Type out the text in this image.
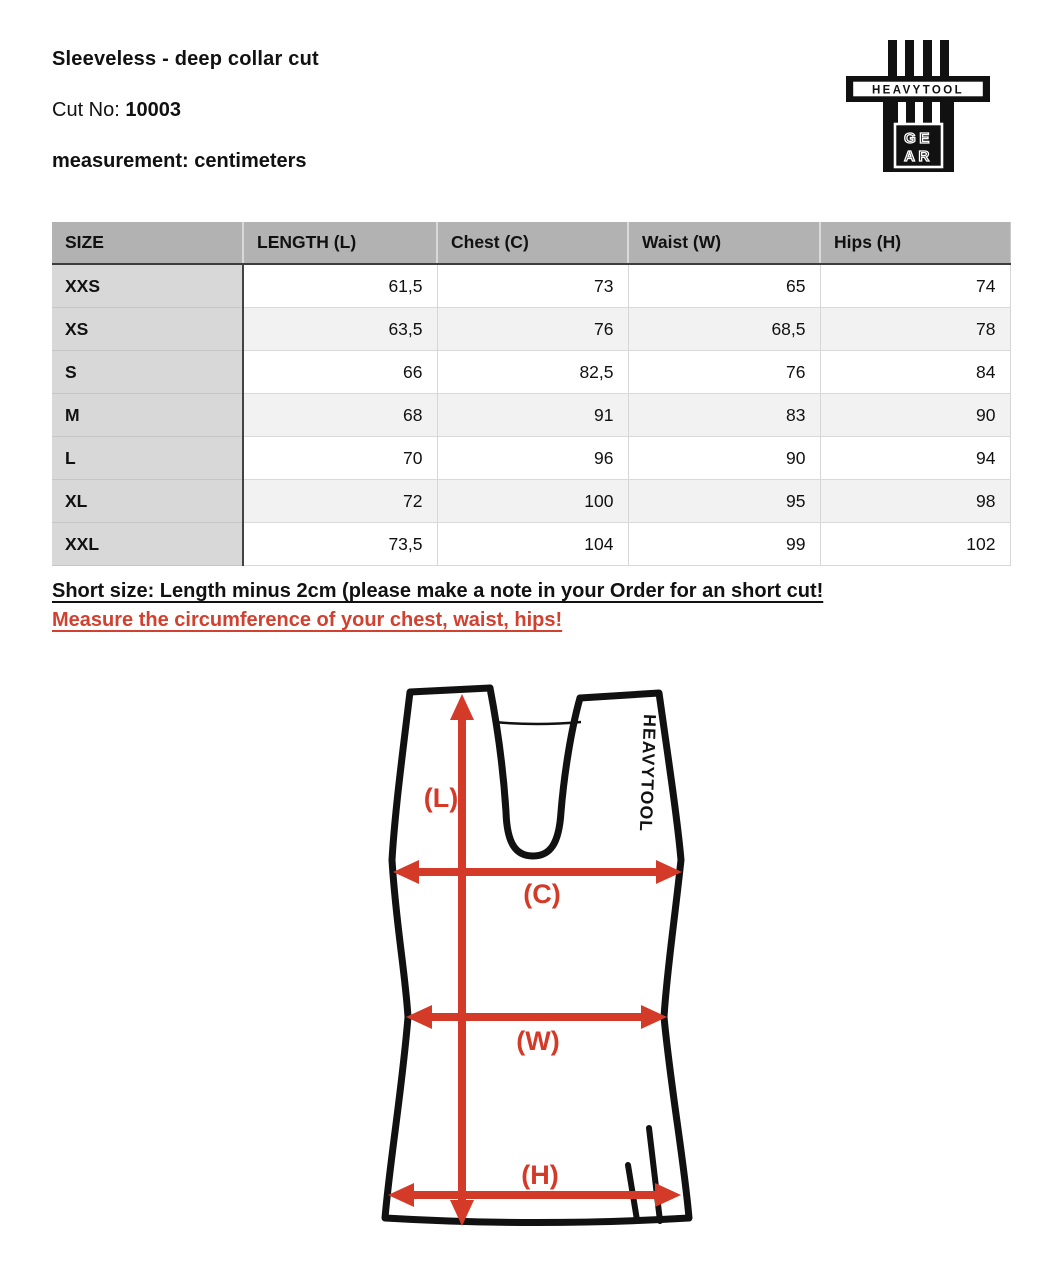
Sleeveless - deep collar cut
Cut No: 10003
measurement: centimeters
HEAVYTOOL
GE
AR
SIZE	LENGTH (L)	Chest (C)	Waist (W)	Hips (H)
XXS	61,5	73	65	74
XS	63,5	76	68,5	78
S	66	82,5	76	84
M	68	91	83	90
L	70	96	90	94
XL	72	100	95	98
XXL	73,5	104	99	102
Short size: Length minus 2cm (please make a note in your Order for an short cut!
Measure the circumference of your chest, waist, hips!
HEAVYTOOL
(L)
(C)
(W)
(H)
